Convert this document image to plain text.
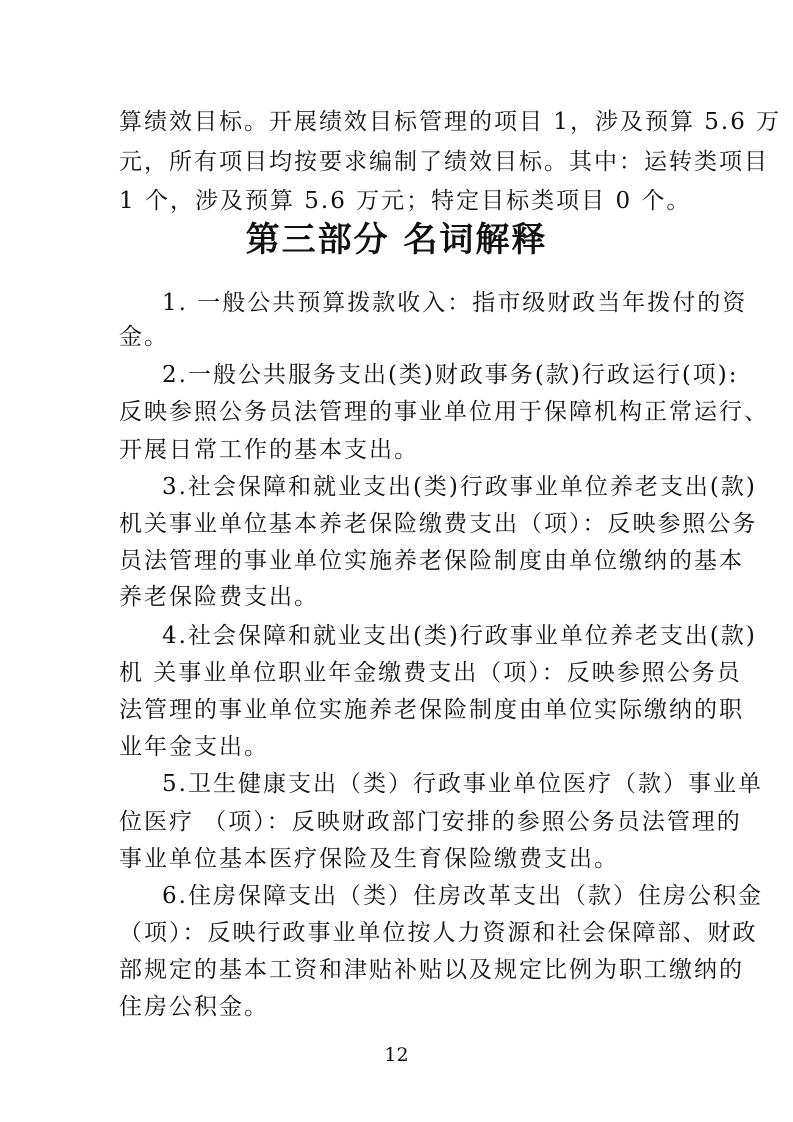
算绩效目标。开展绩效目标管理的项目 1，涉及预算 5.6 万
元，所有项目均按要求编制了绩效目标。其中：运转类项目
1 个，涉及预算 5.6 万元；特定目标类项目 0 个。
第三部分 名词解释
1. 一般公共预算拨款收入：指市级财政当年拨付的资
金。
2.一般公共服务支出(类)财政事务(款)行政运行(项):
反映参照公务员法管理的事业单位用于保障机构正常运行、
开展日常工作的基本支出。
3.社会保障和就业支出(类)行政事业单位养老支出(款)
机关事业单位基本养老保险缴费支出（项）：反映参照公务
员法管理的事业单位实施养老保险制度由单位缴纳的基本
养老保险费支出。
4.社会保障和就业支出(类)行政事业单位养老支出(款)
机 关事业单位职业年金缴费支出（项）：反映参照公务员
法管理的事业单位实施养老保险制度由单位实际缴纳的职
业年金支出。
5.卫生健康支出（类）行政事业单位医疗（款）事业单
位医疗 （项）：反映财政部门安排的参照公务员法管理的
事业单位基本医疗保险及生育保险缴费支出。
6.住房保障支出（类）住房改革支出（款）住房公积金
（项）：反映行政事业单位按人力资源和社会保障部、财政
部规定的基本工资和津贴补贴以及规定比例为职工缴纳的
住房公积金。
12
